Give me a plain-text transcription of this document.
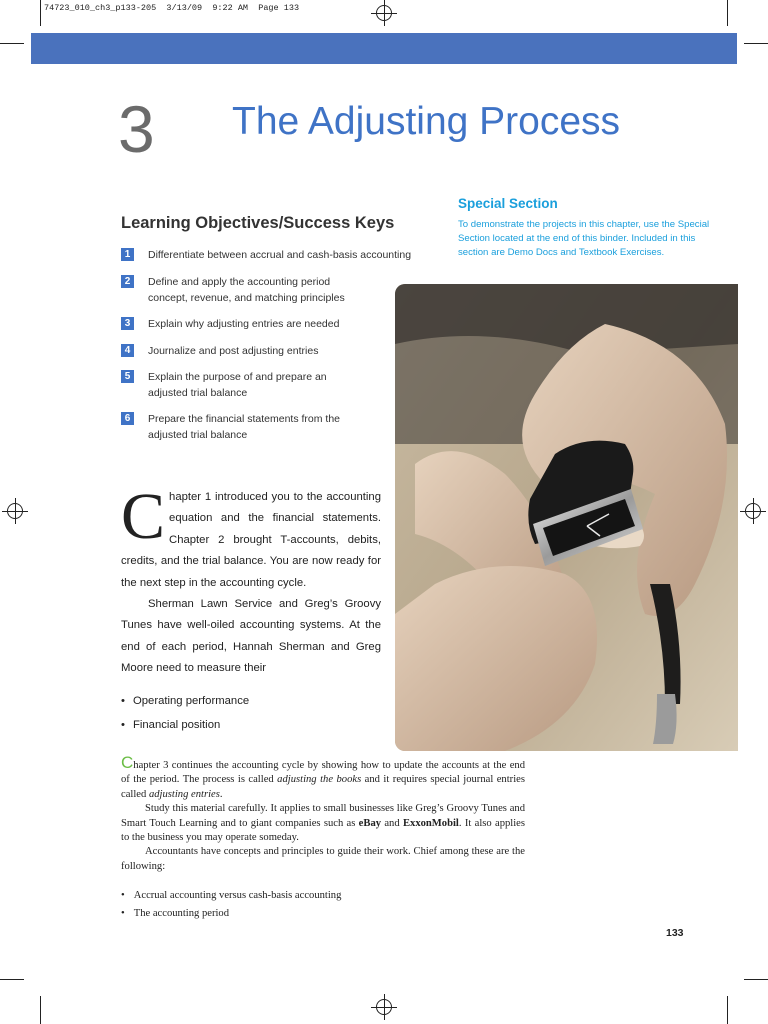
74723_010_ch3_p133-205  3/13/09  9:22 AM  Page 133
3 The Adjusting Process
Special Section
To demonstrate the projects in this chapter, use the Special Section located at the end of this binder. Included in this section are Demo Docs and Textbook Exercises.
Learning Objectives/Success Keys
1	Differentiate between accrual and cash-basis accounting
2	Define and apply the accounting period concept, revenue, and matching principles
3	Explain why adjusting entries are needed
4	Journalize and post adjusting entries
5	Explain the purpose of and prepare an adjusted trial balance
6	Prepare the financial statements from the adjusted trial balance
C hapter 1 introduced you to the accounting equation and the financial statements. Chapter 2 brought T-accounts, debits, credits, and the trial balance. You are now ready for the next step in the accounting cycle.

Sherman Lawn Service and Greg’s Groovy Tunes have well-oiled accounting systems. At the end of each period, Hannah Sherman and Greg Moore need to measure their

• Operating performance
• Financial position

Chapter 3 continues the accounting cycle by showing how to update the accounts at the end of the period. The process is called adjusting the books and it requires special journal entries called adjusting entries.

Study this material carefully. It applies to small businesses like Greg’s Groovy Tunes and Smart Touch Learning and to giant companies such as eBay and ExxonMobil. It also applies to the business you may operate someday.

Accountants have concepts and principles to guide their work. Chief among these are the following:

• Accrual accounting versus cash-basis accounting
• The accounting period
133
